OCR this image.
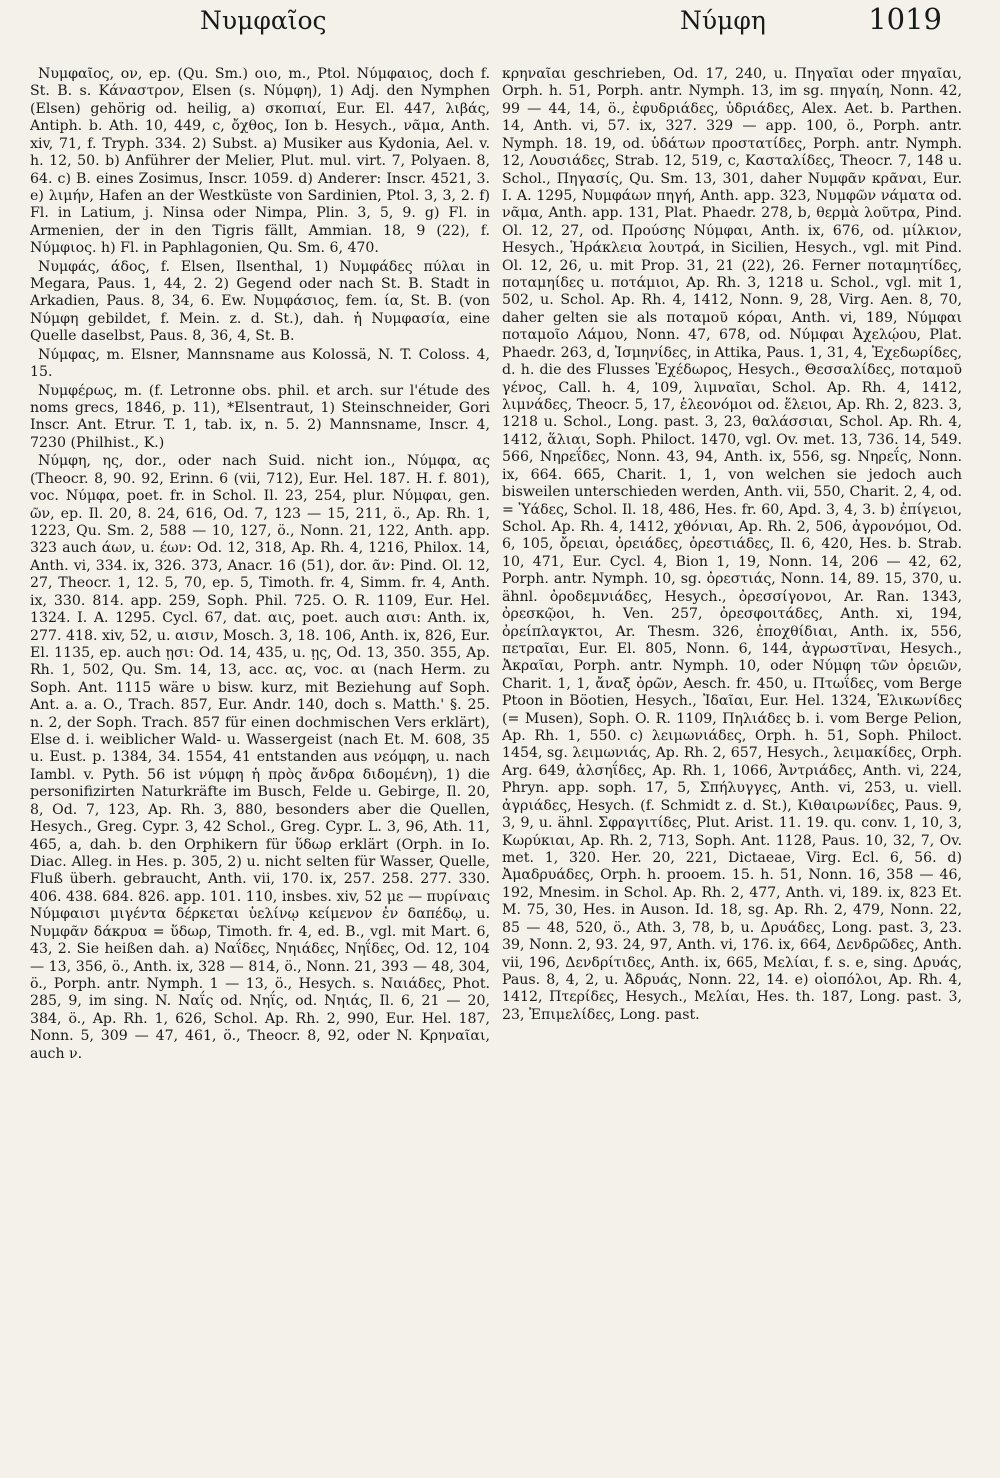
Νυμφαῖος	Νύμφη	1019

Νυμφαῖος, ον, ep. (Qu. Sm.) οιο, m., Ptol. Νύμφαιος, doch f. St. B. s. Κάναστρον, Elsen (s. Νύμφη), 1) Adj. den Nymphen (Elsen) gehörig od. heilig, a) σκοπιαί, Eur. El. 447, λιβάς, Antiph. b. Ath. 10, 449, c, ὄχθος, Ion b. Hesych., νᾶμα, Anth. xiv, 71, f. Tryph. 334. 2) Subst. a) Musiker aus Kydonia, Ael. v. h. 12, 50. b) Anführer der Melier, Plut. mul. virt. 7, Polyaen. 8, 64. c) B. eines Zosimus, Inscr. 1059. d) Anderer: Inscr. 4521, 3. e) λιμήν, Hafen an der Westküste von Sardinien, Ptol. 3, 3, 2. f) Fl. in Latium, j. Ninsa oder Nimpa, Plin. 3, 5, 9. g) Fl. in Armenien, der in den Tigris fällt, Ammian. 18, 9 (22), f. Νύμφιος. h) Fl. in Paphlagonien, Qu. Sm. 6, 470.

Νυμφάς, άδος, f. Elsen, Ilsenthal, 1) Νυμφάδες πύλαι in Megara, Paus. 1, 44, 2. 2) Gegend oder nach St. B. Stadt in Arkadien, Paus. 8, 34, 6. Ew. Νυμφάσιος, fem. ία, St. B. (von Νύμφη gebildet, f. Mein. z. d. St.), dah. ἡ Νυμφασία, eine Quelle daselbst, Paus. 8, 36, 4, St. B.

Νύμφας, m. Elsner, Mannsname aus Kolossä, N. T. Coloss. 4, 15.

Νυμφέρως, m. (f. Letronne obs. phil. et arch. sur l'étude des noms grecs, 1846, p. 11), *Elsentraut, 1) Steinschneider, Gori Inscr. Ant. Etrur. T. 1, tab. ix, n. 5. 2) Mannsname, Inscr. 4, 7230 (Philhist., K.)

Νύμφη, ης, dor., oder nach Suid. nicht ion., Νύμφα, ας (Theocr. 8, 90. 92, Erinn. 6 (vii, 712), Eur. Hel. 187. H. f. 801), voc. Νύμφα, poet. fr. in Schol. Il. 23, 254, plur. Νύμφαι, gen. ῶν, ep. Il. 20, 8. 24, 616, Od. 7, 123 — 15, 211, ö., Ap. Rh. 1, 1223, Qu. Sm. 2, 588 — 10, 127, ö., Nonn. 21, 122, Anth. app. 323 auch άων, u. έων: Od. 12, 318, Ap. Rh. 4, 1216, Philox. 14, Anth. vi, 334. ix, 326. 373, Anacr. 16 (51), dor. ᾶν: Pind. Ol. 12, 27, Theocr. 1, 12. 5, 70, ep. 5, Timoth. fr. 4, Simm. fr. 4, Anth. ix, 330. 814. app. 259, Soph. Phil. 725. O. R. 1109, Eur. Hel. 1324. I. A. 1295. Cycl. 67, dat. αις, poet. auch αισι: Anth. ix, 277. 418. xiv, 52, u. αισιν, Mosch. 3, 18. 106, Anth. ix, 826, Eur. El. 1135, ep. auch ῃσι: Od. 14, 435, u. ῃς, Od. 13, 350. 355, Ap. Rh. 1, 502, Qu. Sm. 14, 13, acc. ας, voc. αι (nach Herm. zu Soph. Ant. 1115 wäre υ bisw. kurz, mit Beziehung auf Soph. Ant. a. a. O., Trach. 857, Eur. Andr. 140, doch s. Matth.' §. 25. n. 2, der Soph. Trach. 857 für einen dochmischen Vers erklärt), Else d. i. weiblicher Wald- u. Wassergeist (nach Et. M. 608, 35 u. Eust. p. 1384, 34. 1554, 41 entstanden aus νεόμφη, u. nach Iambl. v. Pyth. 56 ist νύμφη ἡ πρὸς ἄνδρα διδομένη), 1) die personifizirten Naturkräfte im Busch, Felde u. Gebirge, Il. 20, 8, Od. 7, 123, Ap. Rh. 3, 880, besonders aber die Quellen, Hesych., Greg. Cypr. 3, 42 Schol., Greg. Cypr. L. 3, 96, Ath. 11, 465, a, dah. b. den Orphikern für ὕδωρ erklärt (Orph. in Io. Diac. Alleg. in Hes. p. 305, 2) u. nicht selten für Wasser, Quelle, Fluß überh. gebraucht, Anth. vii, 170. ix, 257. 258. 277. 330. 406. 438. 684. 826. app. 101. 110, insbes. xiv, 52 με — πυρίναις Νύμφαισι μιγέντα δέρκεται ὑελίνῳ κείμενον ἐν δαπέδῳ, u. Νυμφᾶν δάκρυα = ὕδωρ, Timoth. fr. 4, ed. B., vgl. mit Mart. 6, 43, 2. Sie heißen dah. a) Ναΐδες, Νηιάδες, Νηΐδες, Od. 12, 104 — 13, 356, ö., Anth. ix, 328 — 814, ö., Nonn. 21, 393 — 48, 304, ö., Porph. antr. Nymph. 1 — 13, ö., Hesych. s. Ναιάδες, Phot. 285, 9, im sing. N. Ναΐς od. Νηΐς, od. Νηιάς, Il. 6, 21 — 20, 384, ö., Ap. Rh. 1, 626, Schol. Ap. Rh. 2, 990, Eur. Hel. 187, Nonn. 5, 309 — 47, 461, ö., Theocr. 8, 92, oder N. Κρηναῖαι, auch ν.

κρηναῖαι geschrieben, Od. 17, 240, u. Πηγαῖαι oder πηγαῖαι, Orph. h. 51, Porph. antr. Nymph. 13, im sg. πηγαίη, Nonn. 42, 99 — 44, 14, ö., ἐφυδριάδες, ὑδριάδες, Alex. Aet. b. Parthen. 14, Anth. vi, 57. ix, 327. 329 — app. 100, ö., Porph. antr. Nymph. 18. 19, od. ὑδάτων προστατίδες, Porph. antr. Nymph. 12, Λουσιάδες, Strab. 12, 519, c, Κασταλίδες, Theocr. 7, 148 u. Schol., Πηγασίς, Qu. Sm. 13, 301, daher Νυμφᾶν κρᾶναι, Eur. I. A. 1295, Νυμφάων πηγή, Anth. app. 323, Νυμφῶν νάματα od. νᾶμα, Anth. app. 131, Plat. Phaedr. 278, b, θερμὰ λοῦτρα, Pind. Ol. 12, 27, od. Προύσης Νύμφαι, Anth. ix, 676, od. μίλκιον, Hesych., Ἡράκλεια λουτρά, in Sicilien, Hesych., vgl. mit Pind. Ol. 12, 26, u. mit Prop. 31, 21 (22), 26. Ferner ποταμητίδες, ποταμηίδες u. ποτάμιοι, Ap. Rh. 3, 1218 u. Schol., vgl. mit 1, 502, u. Schol. Ap. Rh. 4, 1412, Nonn. 9, 28, Virg. Aen. 8, 70, daher gelten sie als ποταμοῦ κόραι, Anth. vi, 189, Νύμφαι ποταμοῖο Λάμου, Nonn. 47, 678, od. Νύμφαι Ἀχελῴου, Plat. Phaedr. 263, d, Ἰσμηνίδες, in Attika, Paus. 1, 31, 4, Ἐχεδωρίδες, d. h. die des Flusses Ἐχέδωρος, Hesych., Θεσσαλίδες, ποταμοῦ γένος, Call. h. 4, 109, λιμναῖαι, Schol. Ap. Rh. 4, 1412, λιμνάδες, Theocr. 5, 17, ἑλεονόμοι od. ἕλειοι, Ap. Rh. 2, 823. 3, 1218 u. Schol., Long. past. 3, 23, θαλάσσιαι, Schol. Ap. Rh. 4, 1412, ἅλιαι, Soph. Philoct. 1470, vgl. Ov. met. 13, 736. 14, 549. 566, Νηρεΐδες, Nonn. 43, 94, Anth. ix, 556, sg. Νηρεΐς, Nonn. ix, 664. 665, Charit. 1, 1, von welchen sie jedoch auch bisweilen unterschieden werden, Anth. vii, 550, Charit. 2, 4, od. = Ὑάδες, Schol. Il. 18, 486, Hes. fr. 60, Apd. 3, 4, 3. b) ἐπίγειοι, Schol. Ap. Rh. 4, 1412, χθόνιαι, Ap. Rh. 2, 506, ἀγρονόμοι, Od. 6, 105, ὄρειαι, ὀρειάδες, ὀρεστιάδες, Il. 6, 420, Hes. b. Strab. 10, 471, Eur. Cycl. 4, Bion 1, 19, Nonn. 14, 206 — 42, 62, Porph. antr. Nymph. 10, sg. ὀρεστιάς, Nonn. 14, 89. 15, 370, u. ähnl. ὀροδεμνιάδες, Hesych., ὀρεσσίγονοι, Ar. Ran. 1343, ὀρεσκῷοι, h. Ven. 257, ὀρεσφοιτάδες, Anth. xi, 194, ὀρείπλαγκτοι, Ar. Thesm. 326, ἐποχθίδιαι, Anth. ix, 556, πετραῖαι, Eur. El. 805, Nonn. 6, 144, ἀγρωστῖναι, Hesych., Ἀκραῖαι, Porph. antr. Nymph. 10, oder Νύμφη τῶν ὀρειῶν, Charit. 1, 1, ἄναξ ὀρῶν, Aesch. fr. 450, u. Πτωΐδες, vom Berge Ptoon in Böotien, Hesych., Ἰδαῖαι, Eur. Hel. 1324, Ἑλικωνίδες (= Musen), Soph. O. R. 1109, Πηλιάδες b. i. vom Berge Pelion, Ap. Rh. 1, 550. c) λειμωνιάδες, Orph. h. 51, Soph. Philoct. 1454, sg. λειμωνιάς, Ap. Rh. 2, 657, Hesych., λειμακίδες, Orph. Arg. 649, ἀλσηΐδες, Ap. Rh. 1, 1066, Ἀντριάδες, Anth. vi, 224, Phryn. app. soph. 17, 5, Σπήλυγγες, Anth. vi, 253, u. viell. ἀγριάδες, Hesych. (f. Schmidt z. d. St.), Κιθαιρωνίδες, Paus. 9, 3, 9, u. ähnl. Σφραγιτίδες, Plut. Arist. 11. 19. qu. conv. 1, 10, 3, Κωρύκιαι, Ap. Rh. 2, 713, Soph. Ant. 1128, Paus. 10, 32, 7, Ov. met. 1, 320. Her. 20, 221, Dictaeae, Virg. Ecl. 6, 56. d) Ἀμαδρυάδες, Orph. h. prooem. 15. h. 51, Nonn. 16, 358 — 46, 192, Mnesim. in Schol. Ap. Rh. 2, 477, Anth. vi, 189. ix, 823 Et. M. 75, 30, Hes. in Auson. Id. 18, sg. Ap. Rh. 2, 479, Nonn. 22, 85 — 48, 520, ö., Ath. 3, 78, b, u. Δρυάδες, Long. past. 3, 23. 39, Nonn. 2, 93. 24, 97, Anth. vi, 176. ix, 664, Δενδρῶδες, Anth. vii, 196, Δενδρίτιδες, Anth. ix, 665, Μελίαι, f. s. e, sing. Δρυάς, Paus. 8, 4, 2, u. Ἀδρυάς, Nonn. 22, 14. e) οἰοπόλοι, Ap. Rh. 4, 1412, Πτερίδες, Hesych., Μελίαι, Hes. th. 187, Long. past. 3, 23, Ἐπιμελίδες, Long. past.
